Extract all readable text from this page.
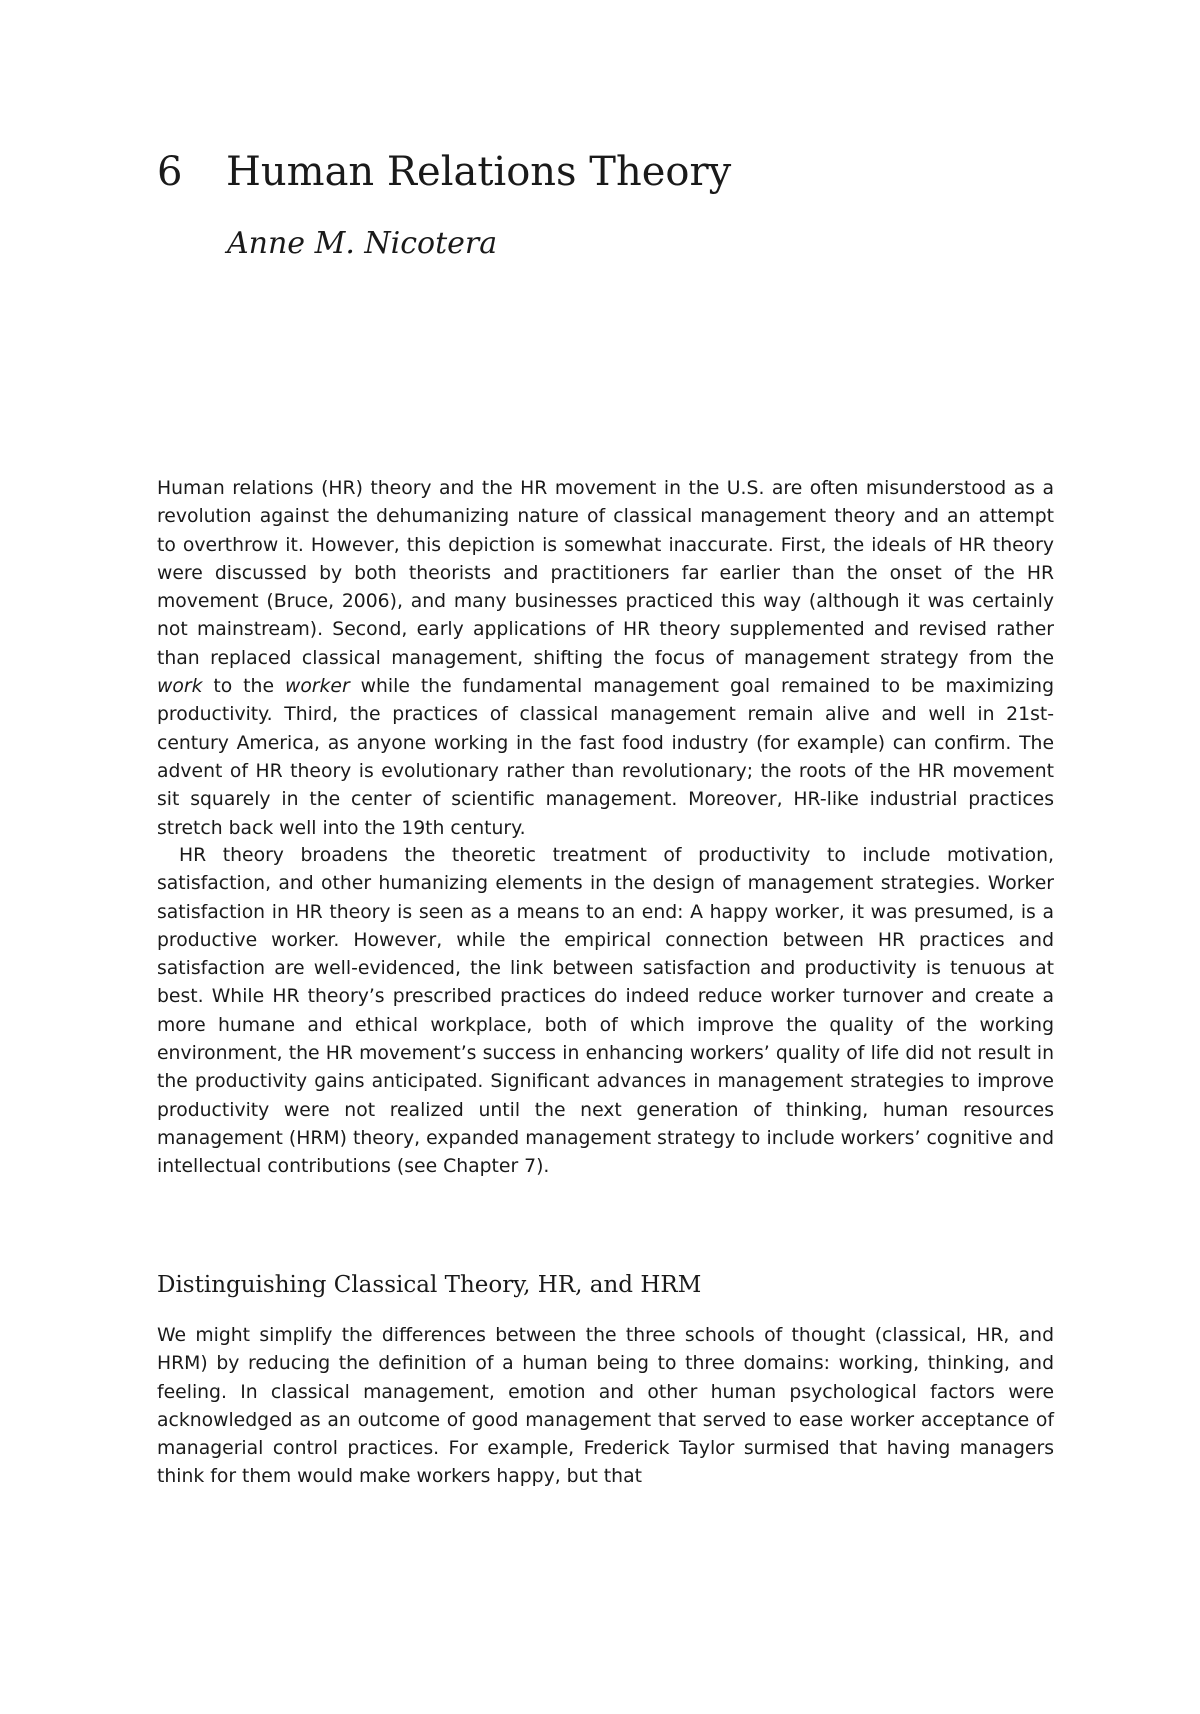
6 Human Relations Theory

Anne M. Nicotera

Human relations (HR) theory and the HR movement in the U.S. are often misunderstood as a revolution against the dehumanizing nature of classical management theory and an attempt to overthrow it. However, this depiction is somewhat inaccurate. First, the ideals of HR theory were discussed by both theorists and practitioners far earlier than the onset of the HR movement (Bruce, 2006), and many businesses practiced this way (although it was certainly not mainstream). Second, early applications of HR theory supplemented and revised rather than replaced classical management, shifting the focus of management strategy from the work to the worker while the fundamental management goal remained to be maximizing productivity. Third, the practices of classical management remain alive and well in 21st-century America, as anyone working in the fast food industry (for example) can confirm. The advent of HR theory is evolutionary rather than revolutionary; the roots of the HR movement sit squarely in the center of scientific management. Moreover, HR-like industrial practices stretch back well into the 19th century.

HR theory broadens the theoretic treatment of productivity to include motivation, satisfaction, and other humanizing elements in the design of management strategies. Worker satisfaction in HR theory is seen as a means to an end: A happy worker, it was presumed, is a productive worker. However, while the empirical connection between HR practices and satisfaction are well-evidenced, the link between satisfaction and productivity is tenuous at best. While HR theory’s prescribed practices do indeed reduce worker turnover and create a more humane and ethical workplace, both of which improve the quality of the working environment, the HR movement’s success in enhancing workers’ quality of life did not result in the productivity gains anticipated. Significant advances in management strategies to improve productivity were not realized until the next generation of thinking, human resources management (HRM) theory, expanded management strategy to include workers’ cognitive and intellectual contributions (see Chapter 7).

Distinguishing Classical Theory, HR, and HRM

We might simplify the differences between the three schools of thought (classical, HR, and HRM) by reducing the definition of a human being to three domains: working, thinking, and feeling. In classical management, emotion and other human psychological factors were acknowledged as an outcome of good management that served to ease worker acceptance of managerial control practices. For example, Frederick Taylor surmised that having managers think for them would make workers happy, but that
